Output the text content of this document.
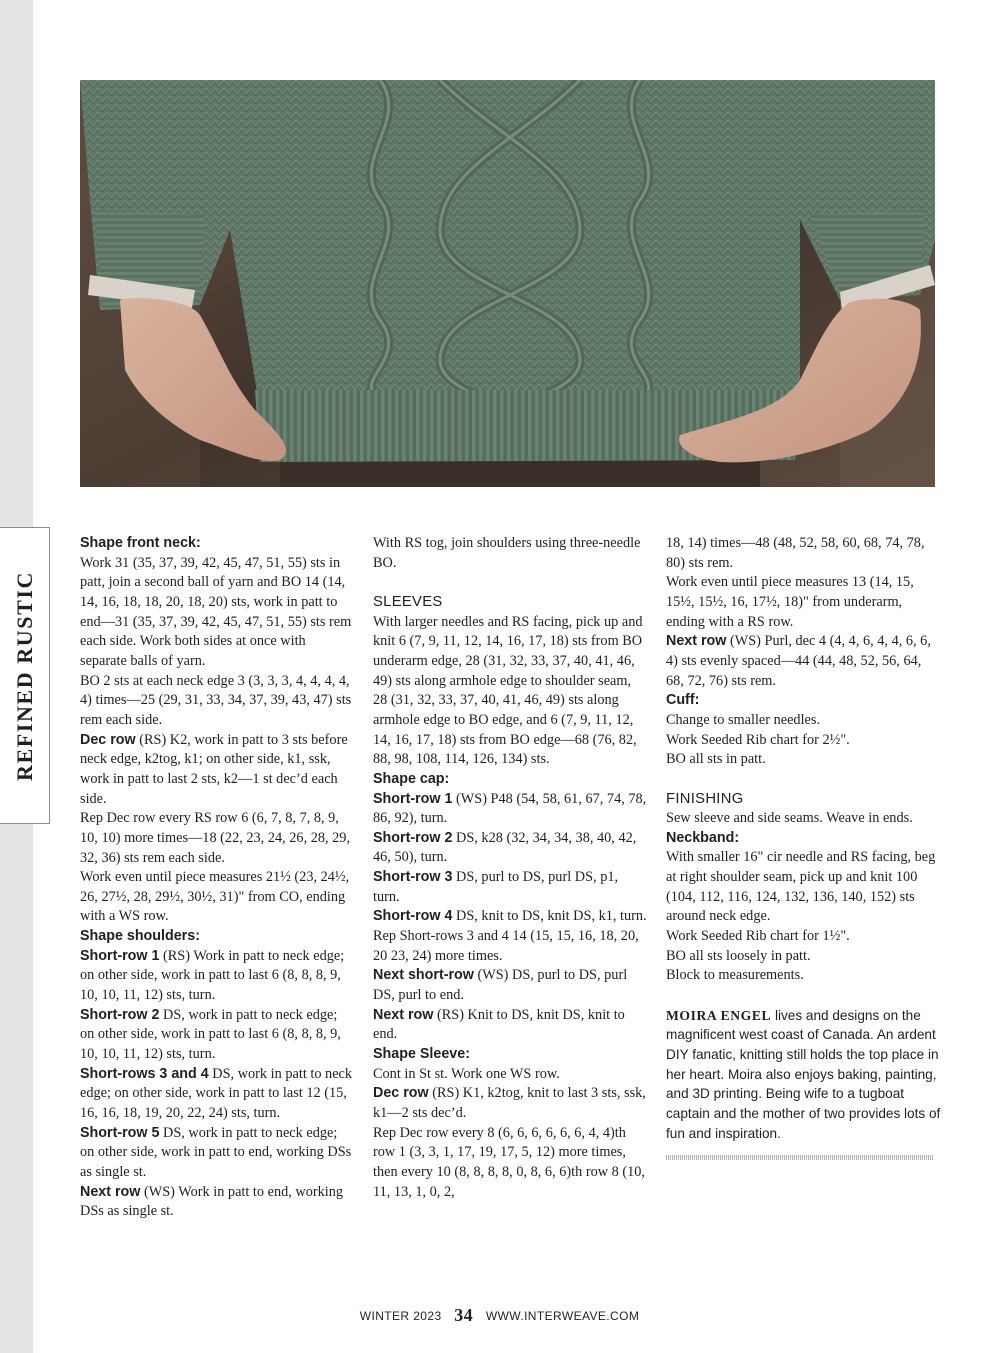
REFINED RUSTIC

Shape front neck:
Work 31 (35, 37, 39, 42, 45, 47, 51, 55) sts in patt, join a second ball of yarn and BO 14 (14, 14, 16, 18, 18, 20, 18, 20) sts, work in patt to end—31 (35, 37, 39, 42, 45, 47, 51, 55) sts rem each side. Work both sides at once with separate balls of yarn.

BO 2 sts at each neck edge 3 (3, 3, 3, 4, 4, 4, 4, 4) times—25 (29, 31, 33, 34, 37, 39, 43, 47) sts rem each side.

Dec row (RS) K2, work in patt to 3 sts before neck edge, k2tog, k1; on other side, k1, ssk, work in patt to last 2 sts, k2—1 st dec’d each side.

Rep Dec row every RS row 6 (6, 7, 8, 7, 8, 9, 10, 10) more times—18 (22, 23, 24, 26, 28, 29, 32, 36) sts rem each side.

Work even until piece measures 21½ (23, 24½, 26, 27½, 28, 29½, 30½, 31)" from CO, ending with a WS row.

Shape shoulders:

Short-row 1 (RS) Work in patt to neck edge; on other side, work in patt to last 6 (8, 8, 8, 9, 10, 10, 11, 12) sts, turn.

Short-row 2 DS, work in patt to neck edge; on other side, work in patt to last 6 (8, 8, 8, 9, 10, 10, 11, 12) sts, turn.

Short-rows 3 and 4 DS, work in patt to neck edge; on other side, work in patt to last 12 (15, 16, 16, 18, 19, 20, 22, 24) sts, turn.

Short-row 5 DS, work in patt to neck edge; on other side, work in patt to end, working DSs as single st.

Next row (WS) Work in patt to end, working DSs as single st.

With RS tog, join shoulders using three-needle BO.

SLEEVES

With larger needles and RS facing, pick up and knit 6 (7, 9, 11, 12, 14, 16, 17, 18) sts from BO underarm edge, 28 (31, 32, 33, 37, 40, 41, 46, 49) sts along armhole edge to shoulder seam, 28 (31, 32, 33, 37, 40, 41, 46, 49) sts along armhole edge to BO edge, and 6 (7, 9, 11, 12, 14, 16, 17, 18) sts from BO edge—68 (76, 82, 88, 98, 108, 114, 126, 134) sts.

Shape cap:

Short-row 1 (WS) P48 (54, 58, 61, 67, 74, 78, 86, 92), turn.

Short-row 2 DS, k28 (32, 34, 34, 38, 40, 42, 46, 50), turn.

Short-row 3 DS, purl to DS, purl DS, p1, turn.

Short-row 4 DS, knit to DS, knit DS, k1, turn.

Rep Short-rows 3 and 4 14 (15, 15, 16, 18, 20, 20 23, 24) more times.

Next short-row (WS) DS, purl to DS, purl DS, purl to end.

Next row (RS) Knit to DS, knit DS, knit to end.

Shape Sleeve:

Cont in St st. Work one WS row.

Dec row (RS) K1, k2tog, knit to last 3 sts, ssk, k1—2 sts dec’d.

Rep Dec row every 8 (6, 6, 6, 6, 6, 6, 4, 4)th row 1 (3, 3, 1, 17, 19, 17, 5, 12) more times, then every 10 (8, 8, 8, 8, 0, 8, 6, 6)th row 8 (10, 11, 13, 1, 0, 2,

18, 14) times—48 (48, 52, 58, 60, 68, 74, 78, 80) sts rem.

Work even until piece measures 13 (14, 15, 15½, 15½, 16, 17½, 18)" from underarm, ending with a RS row.

Next row (WS) Purl, dec 4 (4, 4, 6, 4, 4, 6, 6, 4) sts evenly spaced—44 (44, 48, 52, 56, 64, 68, 72, 76) sts rem.

Cuff:

Change to smaller needles.

Work Seeded Rib chart for 2½".

BO all sts in patt.

FINISHING

Sew sleeve and side seams. Weave in ends.

Neckband:

With smaller 16" cir needle and RS facing, beg at right shoulder seam, pick up and knit 100 (104, 112, 116, 124, 132, 136, 140, 152) sts around neck edge.

Work Seeded Rib chart for 1½".

BO all sts loosely in patt.

Block to measurements.

MOIRA ENGEL lives and designs on the magnificent west coast of Canada. An ardent DIY fanatic, knitting still holds the top place in her heart. Moira also enjoys baking, painting, and 3D printing. Being wife to a tugboat captain and the mother of two provides lots of fun and inspiration.

WINTER 2023 34 WWW.INTERWEAVE.COM
